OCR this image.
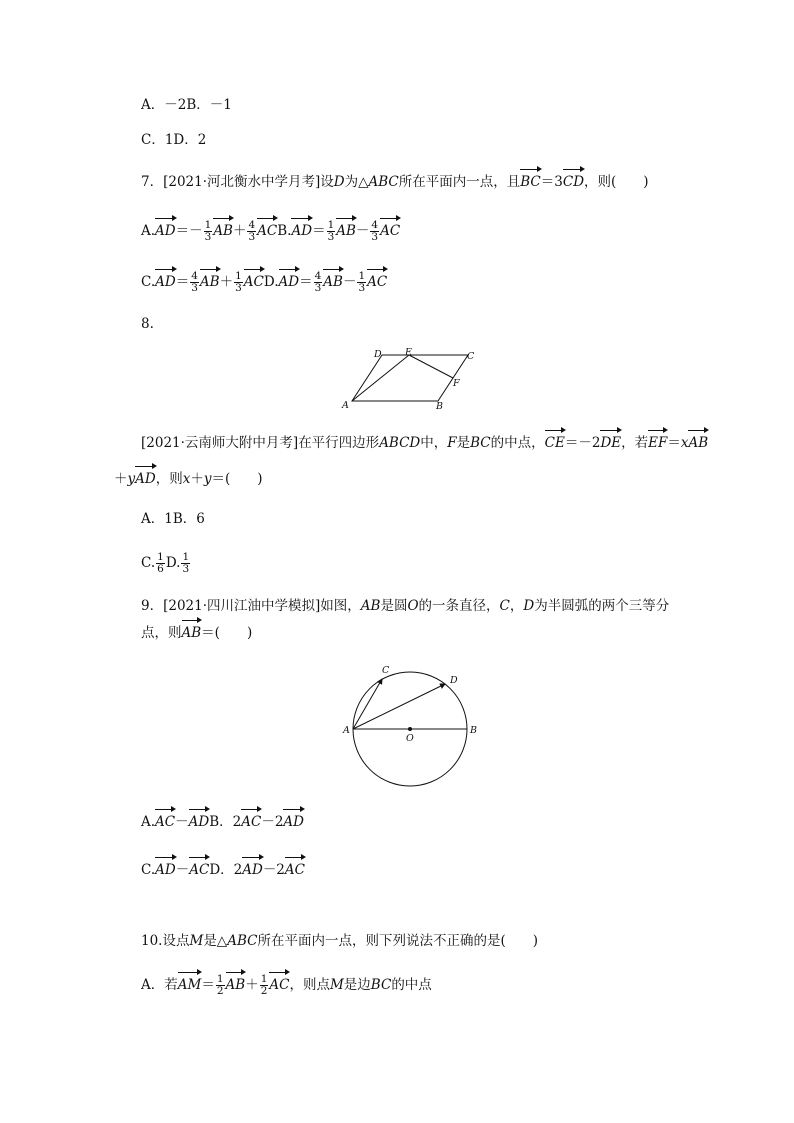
A．－2B．－1
C．1D．2
7．[2021·河北衡水中学月考]设D为△ABC所在平面内一点，且BC＝3CD，则(　　)
$A.AD=- \frac{1}{3} AB+ \frac{4}{3} ACB.AD= \frac{1}{3} AB- \frac{4}{3}$ AC
$C.AD= \frac{4}{3} AB+ \frac{1}{3} ACD.AD= \frac{4}{3} AB- \frac{1}{3}$ AC
8.
A	B
C
D E
F
[2021·云南师大附中月考]在平行四边形ABCD中，F是BC的中点，CE＝－2DE，若EF＝xAB
＋yAD，则x＋y＝(　　)
A．1B．6
C. $\frac{1}{6} D$. $\frac{1}{3}$
9．[2021·四川江油中学模拟]如图，AB是圆O的一条直径，C，D为半圆弧的两个三等分
点，则AB＝(　　)
A	B
C
D
O
A.AC－ADB．2AC－2AD
C.AD－ACD．2AD－2AC
10.设点M是△ABC所在平面内一点，则下列说法不正确的是(　　)
A．若$AM= \frac{1}{2} AB+ \frac{1}{2}$ AC，则点M是边BC的中点
